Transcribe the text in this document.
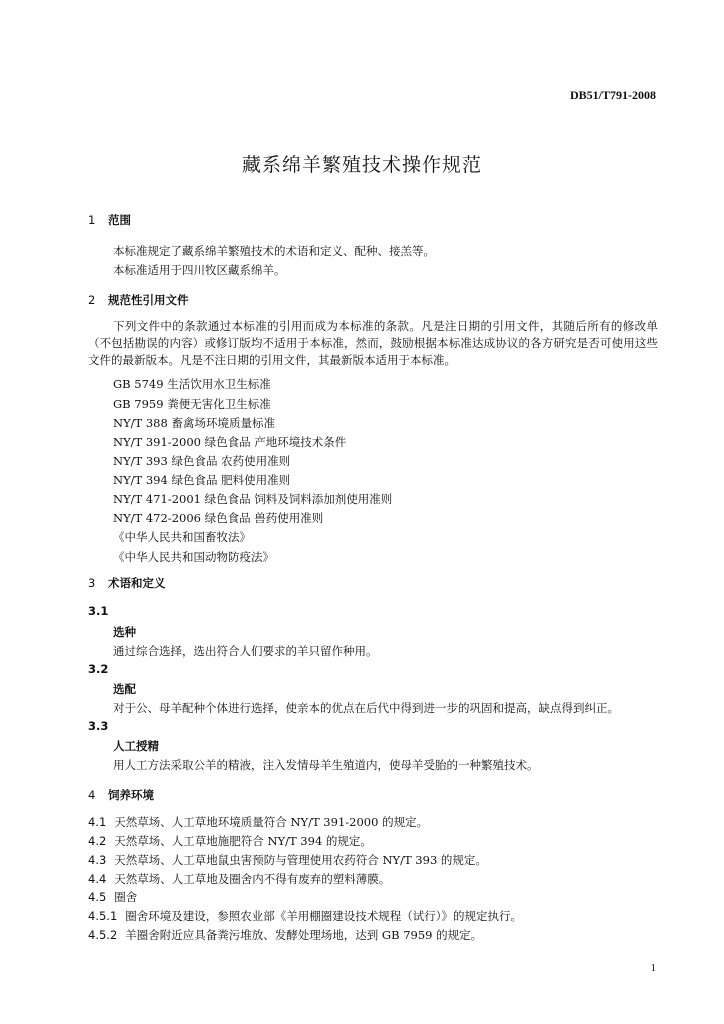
DB51/T791-2008
藏系绵羊繁殖技术操作规范
1 范围
本标准规定了藏系绵羊繁殖技术的术语和定义、配种、接羔等。
本标准适用于四川牧区藏系绵羊。
2 规范性引用文件
下列文件中的条款通过本标准的引用而成为本标准的条款。凡是注日期的引用文件，其随后所有的修改单（不包括勘误的内容）或修订版均不适用于本标准，然而，鼓励根据本标准达成协议的各方研究是否可使用这些文件的最新版本。凡是不注日期的引用文件，其最新版本适用于本标准。
GB 5749 生活饮用水卫生标准
GB 7959 粪便无害化卫生标准
NY/T 388 畜禽场环境质量标准
NY/T 391-2000 绿色食品 产地环境技术条件
NY/T 393 绿色食品 农药使用准则
NY/T 394 绿色食品 肥料使用准则
NY/T 471-2001 绿色食品 饲料及饲料添加剂使用准则
NY/T 472-2006 绿色食品 兽药使用准则
《中华人民共和国畜牧法》
《中华人民共和国动物防疫法》
3 术语和定义
3.1
选种
通过综合选择，选出符合人们要求的羊只留作种用。
3.2
选配
对于公、母羊配种个体进行选择，使亲本的优点在后代中得到进一步的巩固和提高，缺点得到纠正。
3.3
人工授精
用人工方法采取公羊的精液，注入发情母羊生殖道内，使母羊受胎的一种繁殖技术。
4 饲养环境
4.1 天然草场、人工草地环境质量符合 NY/T 391-2000 的规定。
4.2 天然草场、人工草地施肥符合 NY/T 394 的规定。
4.3 天然草场、人工草地鼠虫害预防与管理使用农药符合 NY/T 393 的规定。
4.4 天然草场、人工草地及圈舍内不得有废弃的塑料薄膜。
4.5 圈舍
4.5.1 圈舍环境及建设，参照农业部《羊用棚圈建设技术规程（试行）》的规定执行。
4.5.2 羊圈舍附近应具备粪污堆放、发酵处理场地，达到 GB 7959 的规定。
1
